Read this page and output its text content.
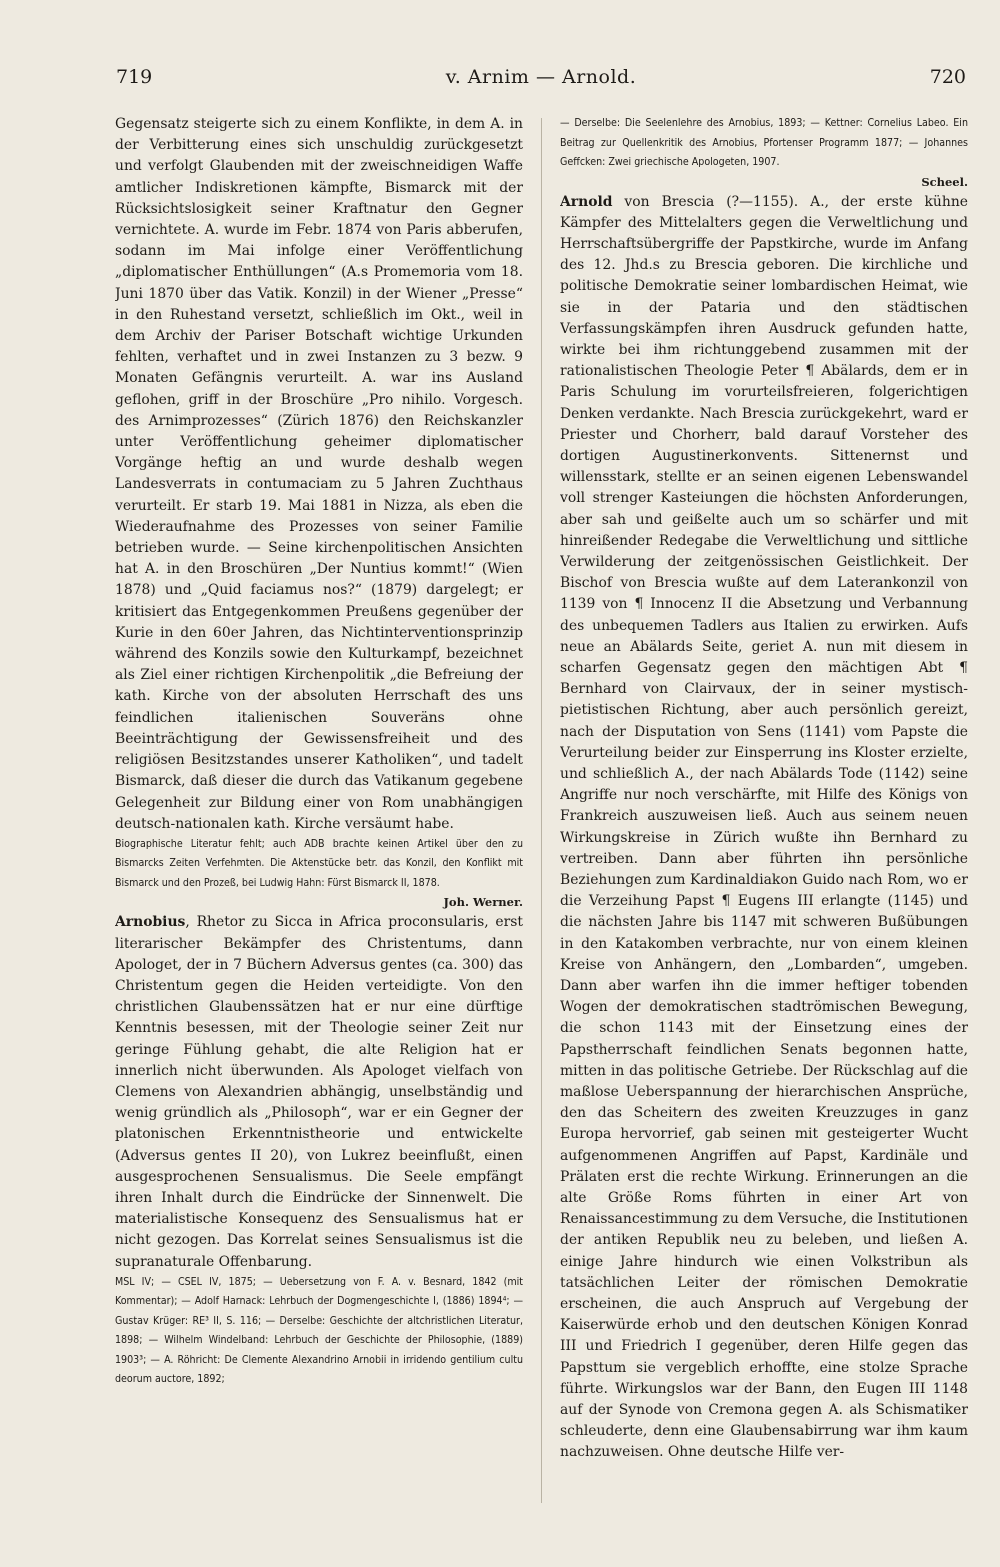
719	v. Arnim — Arnold.	720

Gegensatz steigerte sich zu einem Konflikte, in dem A. in der Verbitterung eines sich unschuldig zurückgesetzt und verfolgt Glaubenden mit der zweischneidigen Waffe amtlicher Indiskretionen kämpfte, Bismarck mit der Rücksichtslosigkeit seiner Kraftnatur den Gegner vernichtete. A. wurde im Febr. 1874 von Paris abberufen, sodann im Mai infolge einer Veröffentlichung „diplomatischer Enthüllungen“ (A.s Promemoria vom 18. Juni 1870 über das Vatik. Konzil) in der Wiener „Presse“ in den Ruhestand versetzt, schließlich im Okt., weil in dem Archiv der Pariser Botschaft wichtige Urkunden fehlten, verhaftet und in zwei Instanzen zu 3 bezw. 9 Monaten Gefängnis verurteilt. A. war ins Ausland geflohen, griff in der Broschüre „Pro nihilo. Vorgesch. des Arnimprozesses“ (Zürich 1876) den Reichskanzler unter Veröffentlichung geheimer diplomatischer Vorgänge heftig an und wurde deshalb wegen Landesverrats in contumaciam zu 5 Jahren Zuchthaus verurteilt. Er starb 19. Mai 1881 in Nizza, als eben die Wiederaufnahme des Prozesses von seiner Familie betrieben wurde. — Seine kirchenpolitischen Ansichten hat A. in den Broschüren „Der Nuntius kommt!“ (Wien 1878) und „Quid faciamus nos?“ (1879) dargelegt; er kritisiert das Entgegenkommen Preußens gegenüber der Kurie in den 60er Jahren, das Nichtinterventionsprinzip während des Konzils sowie den Kulturkampf, bezeichnet als Ziel einer richtigen Kirchenpolitik „die Befreiung der kath. Kirche von der absoluten Herrschaft des uns feindlichen italienischen Souveräns ohne Beeinträchtigung der Gewissensfreiheit und des religiösen Besitzstandes unserer Katholiken“, und tadelt Bismarck, daß dieser die durch das Vatikanum gegebene Gelegenheit zur Bildung einer von Rom unabhängigen deutsch-nationalen kath. Kirche versäumt habe.

Biographische Literatur fehlt; auch ADB brachte keinen Artikel über den zu Bismarcks Zeiten Verfehmten. Die Aktenstücke betr. das Konzil, den Konflikt mit Bismarck und den Prozeß, bei Ludwig Hahn: Fürst Bismarck II, 1878.

Joh. Werner.

Arnobius, Rhetor zu Sicca in Africa proconsularis, erst literarischer Bekämpfer des Christentums, dann Apologet, der in 7 Büchern Adversus gentes (ca. 300) das Christentum gegen die Heiden verteidigte. Von den christlichen Glaubenssätzen hat er nur eine dürftige Kenntnis besessen, mit der Theologie seiner Zeit nur geringe Fühlung gehabt, die alte Religion hat er innerlich nicht überwunden. Als Apologet vielfach von Clemens von Alexandrien abhängig, unselbständig und wenig gründlich als „Philosoph“, war er ein Gegner der platonischen Erkenntnistheorie und entwickelte (Adversus gentes II 20), von Lukrez beeinflußt, einen ausgesprochenen Sensualismus. Die Seele empfängt ihren Inhalt durch die Eindrücke der Sinnenwelt. Die materialistische Konsequenz des Sensualismus hat er nicht gezogen. Das Korrelat seines Sensualismus ist die supranaturale Offenbarung.

MSL IV; — CSEL IV, 1875; — Uebersetzung von F. A. v. Besnard, 1842 (mit Kommentar); — Adolf Harnack: Lehrbuch der Dogmengeschichte I, (1886) 1894⁴; — Gustav Krüger: RE³ II, S. 116; — Derselbe: Geschichte der altchristlichen Literatur, 1898; — Wilhelm Windelband: Lehrbuch der Geschichte der Philosophie, (1889) 1903³; — A. Röhricht: De Clemente Alexandrino Arnobii in irridendo gentilium cultu deorum auctore, 1892;

— Derselbe: Die Seelenlehre des Arnobius, 1893; — Kettner: Cornelius Labeo. Ein Beitrag zur Quellenkritik des Arnobius, Pfortenser Programm 1877; — Johannes Geffcken: Zwei griechische Apologeten, 1907.

Scheel.

Arnold von Brescia (?—1155). A., der erste kühne Kämpfer des Mittelalters gegen die Verweltlichung und Herrschaftsübergriffe der Papstkirche, wurde im Anfang des 12. Jhd.s zu Brescia geboren. Die kirchliche und politische Demokratie seiner lombardischen Heimat, wie sie in der Pataria und den städtischen Verfassungskämpfen ihren Ausdruck gefunden hatte, wirkte bei ihm richtunggebend zusammen mit der rationalistischen Theologie Peter ¶ Abälards, dem er in Paris Schulung im vorurteilsfreieren, folgerichtigen Denken verdankte. Nach Brescia zurückgekehrt, ward er Priester und Chorherr, bald darauf Vorsteher des dortigen Augustinerkonvents. Sittenernst und willensstark, stellte er an seinen eigenen Lebenswandel voll strenger Kasteiungen die höchsten Anforderungen, aber sah und geißelte auch um so schärfer und mit hinreißender Redegabe die Verweltlichung und sittliche Verwilderung der zeitgenössischen Geistlichkeit. Der Bischof von Brescia wußte auf dem Laterankonzil von 1139 von ¶ Innocenz II die Absetzung und Verbannung des unbequemen Tadlers aus Italien zu erwirken. Aufs neue an Abälards Seite, geriet A. nun mit diesem in scharfen Gegensatz gegen den mächtigen Abt ¶ Bernhard von Clairvaux, der in seiner mystisch-pietistischen Richtung, aber auch persönlich gereizt, nach der Disputation von Sens (1141) vom Papste die Verurteilung beider zur Einsperrung ins Kloster erzielte, und schließlich A., der nach Abälards Tode (1142) seine Angriffe nur noch verschärfte, mit Hilfe des Königs von Frankreich auszuweisen ließ. Auch aus seinem neuen Wirkungskreise in Zürich wußte ihn Bernhard zu vertreiben. Dann aber führten ihn persönliche Beziehungen zum Kardinaldiakon Guido nach Rom, wo er die Verzeihung Papst ¶ Eugens III erlangte (1145) und die nächsten Jahre bis 1147 mit schweren Bußübungen in den Katakomben verbrachte, nur von einem kleinen Kreise von Anhängern, den „Lombarden“, umgeben. Dann aber warfen ihn die immer heftiger tobenden Wogen der demokratischen stadtrömischen Bewegung, die schon 1143 mit der Einsetzung eines der Papstherrschaft feindlichen Senats begonnen hatte, mitten in das politische Getriebe. Der Rückschlag auf die maßlose Ueberspannung der hierarchischen Ansprüche, den das Scheitern des zweiten Kreuzzuges in ganz Europa hervorrief, gab seinen mit gesteigerter Wucht aufgenommenen Angriffen auf Papst, Kardinäle und Prälaten erst die rechte Wirkung. Erinnerungen an die alte Größe Roms führten in einer Art von Renaissancestimmung zu dem Versuche, die Institutionen der antiken Republik neu zu beleben, und ließen A. einige Jahre hindurch wie einen Volkstribun als tatsächlichen Leiter der römischen Demokratie erscheinen, die auch Anspruch auf Vergebung der Kaiserwürde erhob und den deutschen Königen Konrad III und Friedrich I gegenüber, deren Hilfe gegen das Papsttum sie vergeblich erhoffte, eine stolze Sprache führte. Wirkungslos war der Bann, den Eugen III 1148 auf der Synode von Cremona gegen A. als Schismatiker schleuderte, denn eine Glaubensabirrung war ihm kaum nachzuweisen. Ohne deutsche Hilfe ver-
